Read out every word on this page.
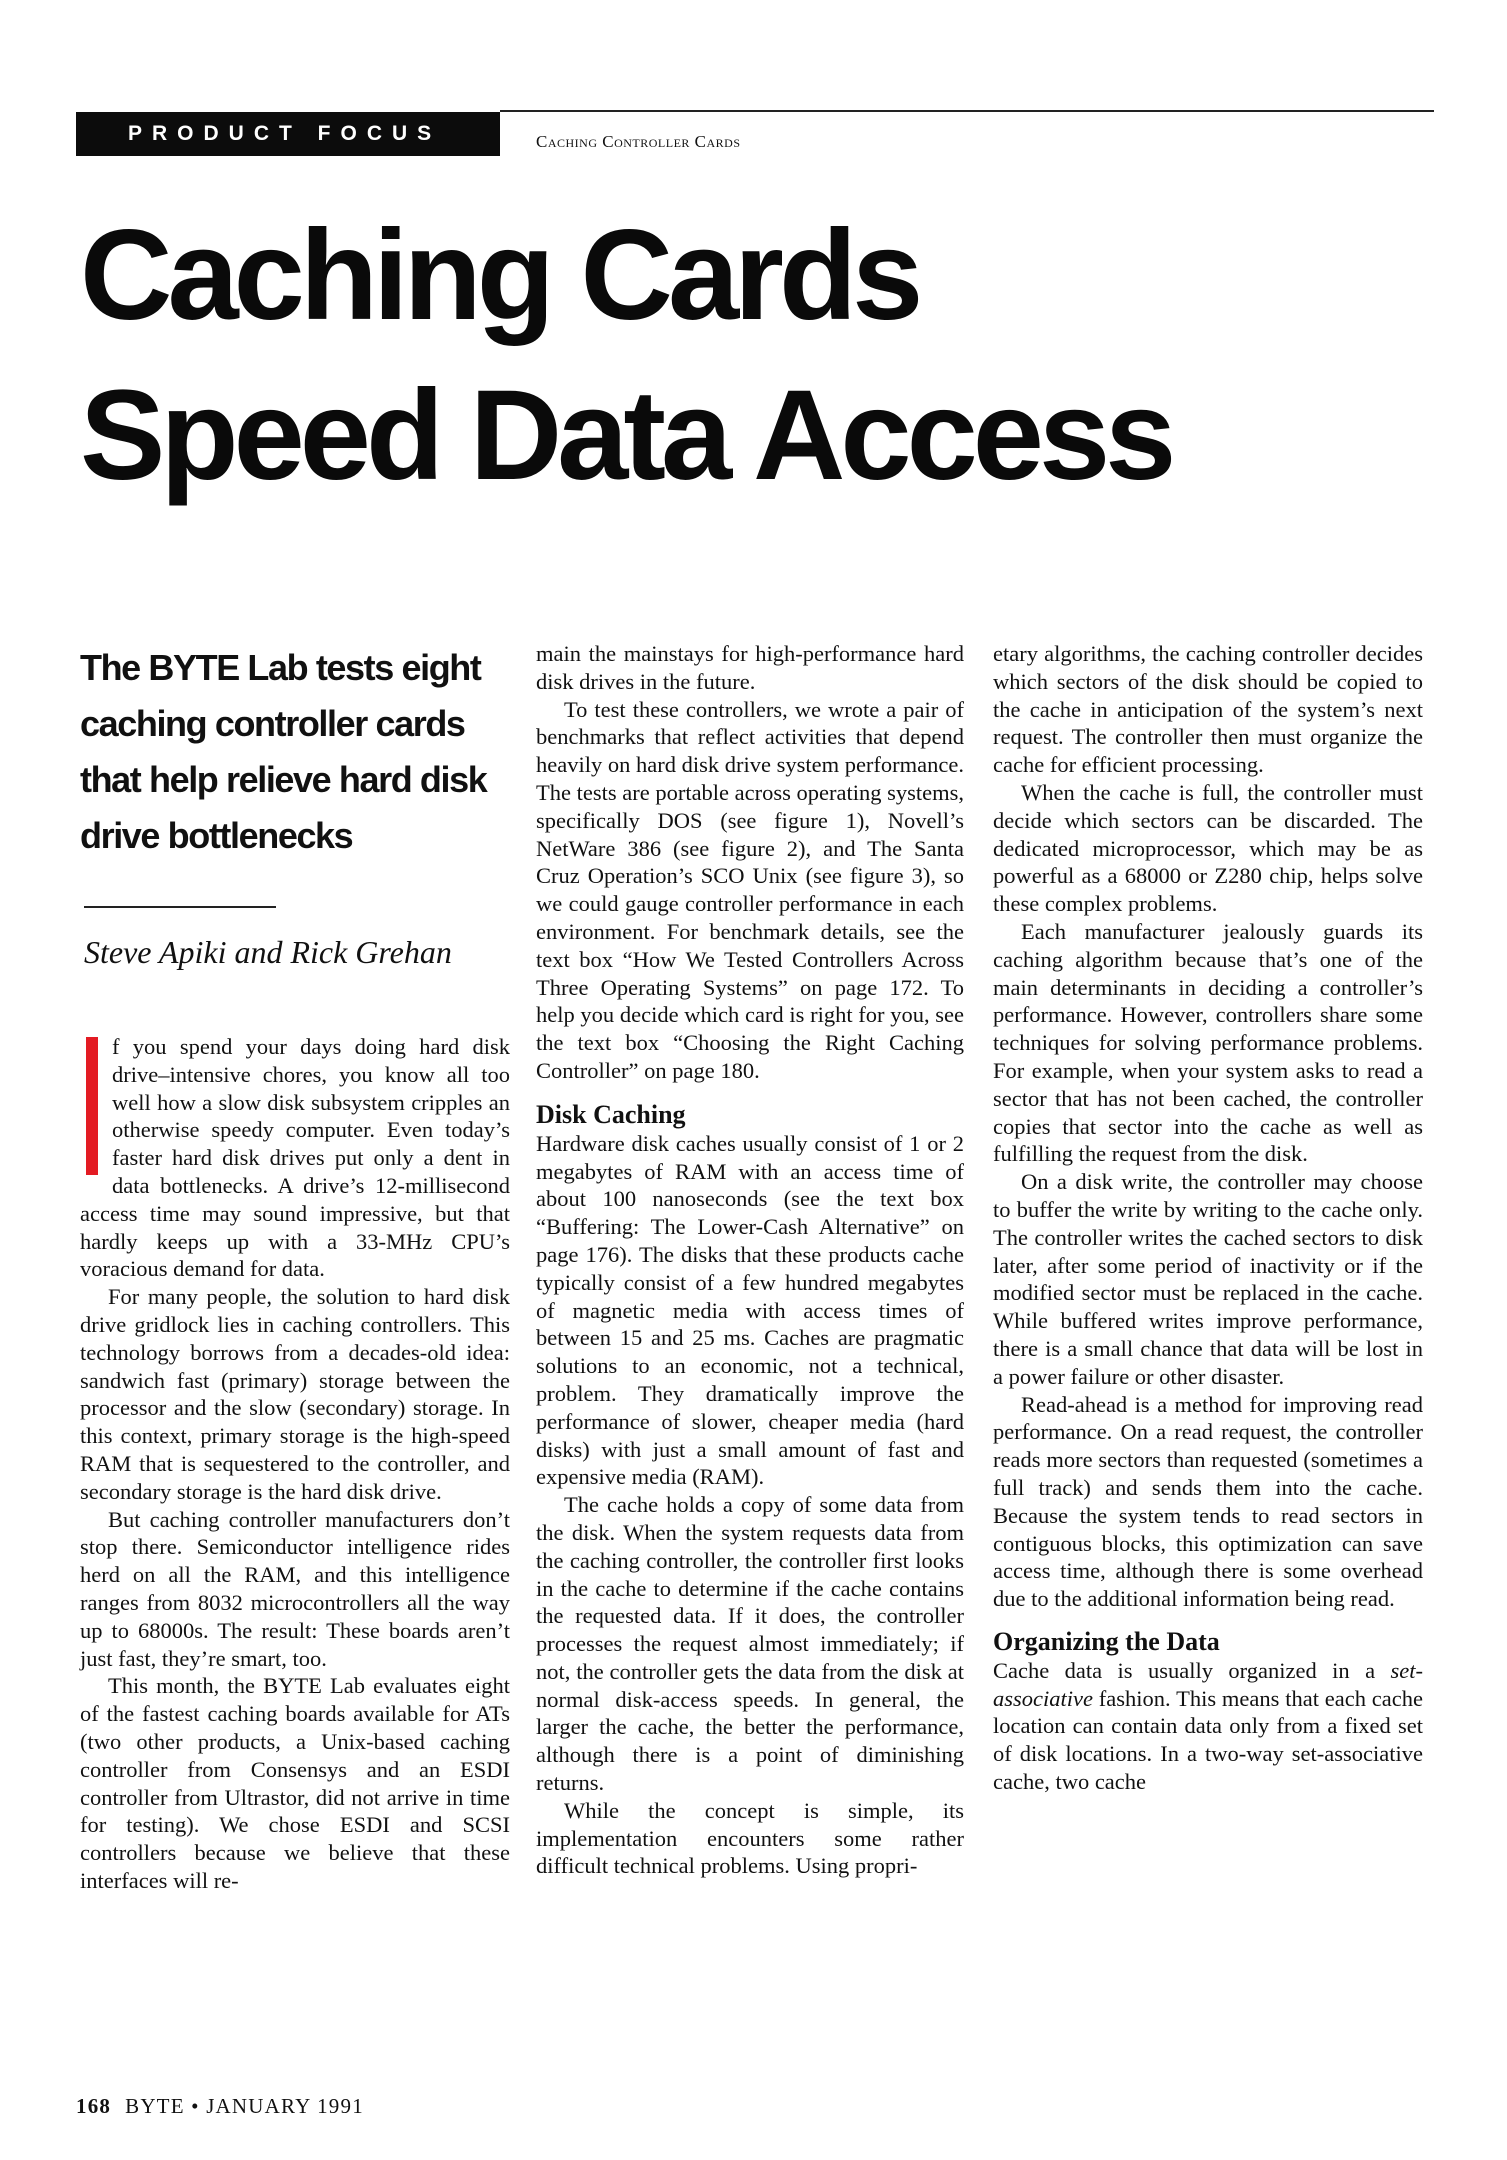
PRODUCT FOCUS	Caching Controller Cards
Caching Cards
Speed Data Access

The BYTE Lab tests eight caching controller cards that help relieve hard disk drive bottlenecks

Steve Apiki and Rick Grehan

f you spend your days doing hard disk drive–intensive chores, you know all too well how a slow disk subsystem cripples an otherwise speedy computer. Even today’s faster hard disk drives put only a dent in data bottlenecks. A drive’s 12-millisecond access time may sound impressive, but that hardly keeps up with a 33-MHz CPU’s voracious demand for data.

For many people, the solution to hard disk drive gridlock lies in caching controllers. This technology borrows from a decades-old idea: sandwich fast (primary) storage between the processor and the slow (secondary) storage. In this context, primary storage is the high-speed RAM that is sequestered to the controller, and secondary storage is the hard disk drive.

But caching controller manufacturers don’t stop there. Semiconductor intelligence rides herd on all the RAM, and this intelligence ranges from 8032 microcontrollers all the way up to 68000s. The result: These boards aren’t just fast, they’re smart, too.

This month, the BYTE Lab evaluates eight of the fastest caching boards available for ATs (two other products, a Unix-based caching controller from Consensys and an ESDI controller from Ultrastor, did not arrive in time for testing). We chose ESDI and SCSI controllers because we believe that these interfaces will re-

main the mainstays for high-performance hard disk drives in the future.

To test these controllers, we wrote a pair of benchmarks that reflect activities that depend heavily on hard disk drive system performance. The tests are portable across operating systems, specifically DOS (see figure 1), Novell’s NetWare 386 (see figure 2), and The Santa Cruz Operation’s SCO Unix (see figure 3), so we could gauge controller performance in each environment. For benchmark details, see the text box “How We Tested Controllers Across Three Operating Systems” on page 172. To help you decide which card is right for you, see the text box “Choosing the Right Caching Controller” on page 180.

Disk Caching

Hardware disk caches usually consist of 1 or 2 megabytes of RAM with an access time of about 100 nanoseconds (see the text box “Buffering: The Lower-Cash Alternative” on page 176). The disks that these products cache typically consist of a few hundred megabytes of magnetic media with access times of between 15 and 25 ms. Caches are pragmatic solutions to an economic, not a technical, problem. They dramatically improve the performance of slower, cheaper media (hard disks) with just a small amount of fast and expensive media (RAM).

The cache holds a copy of some data from the disk. When the system requests data from the caching controller, the controller first looks in the cache to determine if the cache contains the requested data. If it does, the controller processes the request almost immediately; if not, the controller gets the data from the disk at normal disk-access speeds. In general, the larger the cache, the better the performance, although there is a point of diminishing returns.

While the concept is simple, its implementation encounters some rather difficult technical problems. Using propri-

etary algorithms, the caching controller decides which sectors of the disk should be copied to the cache in anticipation of the system’s next request. The controller then must organize the cache for efficient processing.

When the cache is full, the controller must decide which sectors can be discarded. The dedicated microprocessor, which may be as powerful as a 68000 or Z280 chip, helps solve these complex problems.

Each manufacturer jealously guards its caching algorithm because that’s one of the main determinants in deciding a controller’s performance. However, controllers share some techniques for solving performance problems. For example, when your system asks to read a sector that has not been cached, the controller copies that sector into the cache as well as fulfilling the request from the disk.

On a disk write, the controller may choose to buffer the write by writing to the cache only. The controller writes the cached sectors to disk later, after some period of inactivity or if the modified sector must be replaced in the cache. While buffered writes improve performance, there is a small chance that data will be lost in a power failure or other disaster.

Read-ahead is a method for improving read performance. On a read request, the controller reads more sectors than requested (sometimes a full track) and sends them into the cache. Because the system tends to read sectors in contiguous blocks, this optimization can save access time, although there is some overhead due to the additional information being read.

Organizing the Data

Cache data is usually organized in a set-associative fashion. This means that each cache location can contain data only from a fixed set of disk locations. In a two-way set-associative cache, two cache

168 BYTE • JANUARY 1991
